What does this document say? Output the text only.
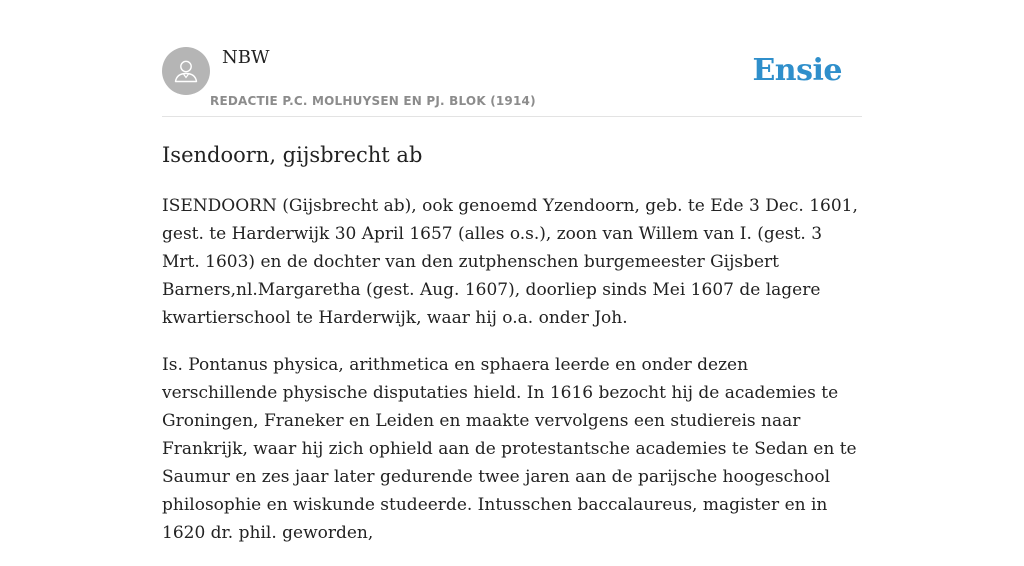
NBW
REDACTIE P.C. MOLHUYSEN EN PJ. BLOK (1914)
Ensie
Isendoorn, gijsbrecht ab

ISENDOORN (Gijsbrecht ab), ook genoemd Yzendoorn, geb. te Ede 3 Dec. 1601, gest. te Harderwijk 30 April 1657 (alles o.s.), zoon van Willem van I. (gest. 3 Mrt. 1603) en de dochter van den zutphenschen burgemeester Gijsbert Barners,nl.Margaretha (gest. Aug. 1607), doorliep sinds Mei 1607 de lagere kwartierschool te Harderwijk, waar hij o.a. onder Joh.

Is. Pontanus physica, arithmetica en sphaera leerde en onder dezen verschillende physische disputaties hield. In 1616 bezocht hij de academies te Groningen, Franeker en Leiden en maakte vervolgens een studiereis naar Frankrijk, waar hij zich ophield aan de protestantsche academies te Sedan en te Saumur en zes jaar later gedurende twee jaren aan de parijsche hoogeschool philosophie en wiskunde studeerde. Intusschen baccalaureus, magister en in 1620 dr. phil. geworden,
